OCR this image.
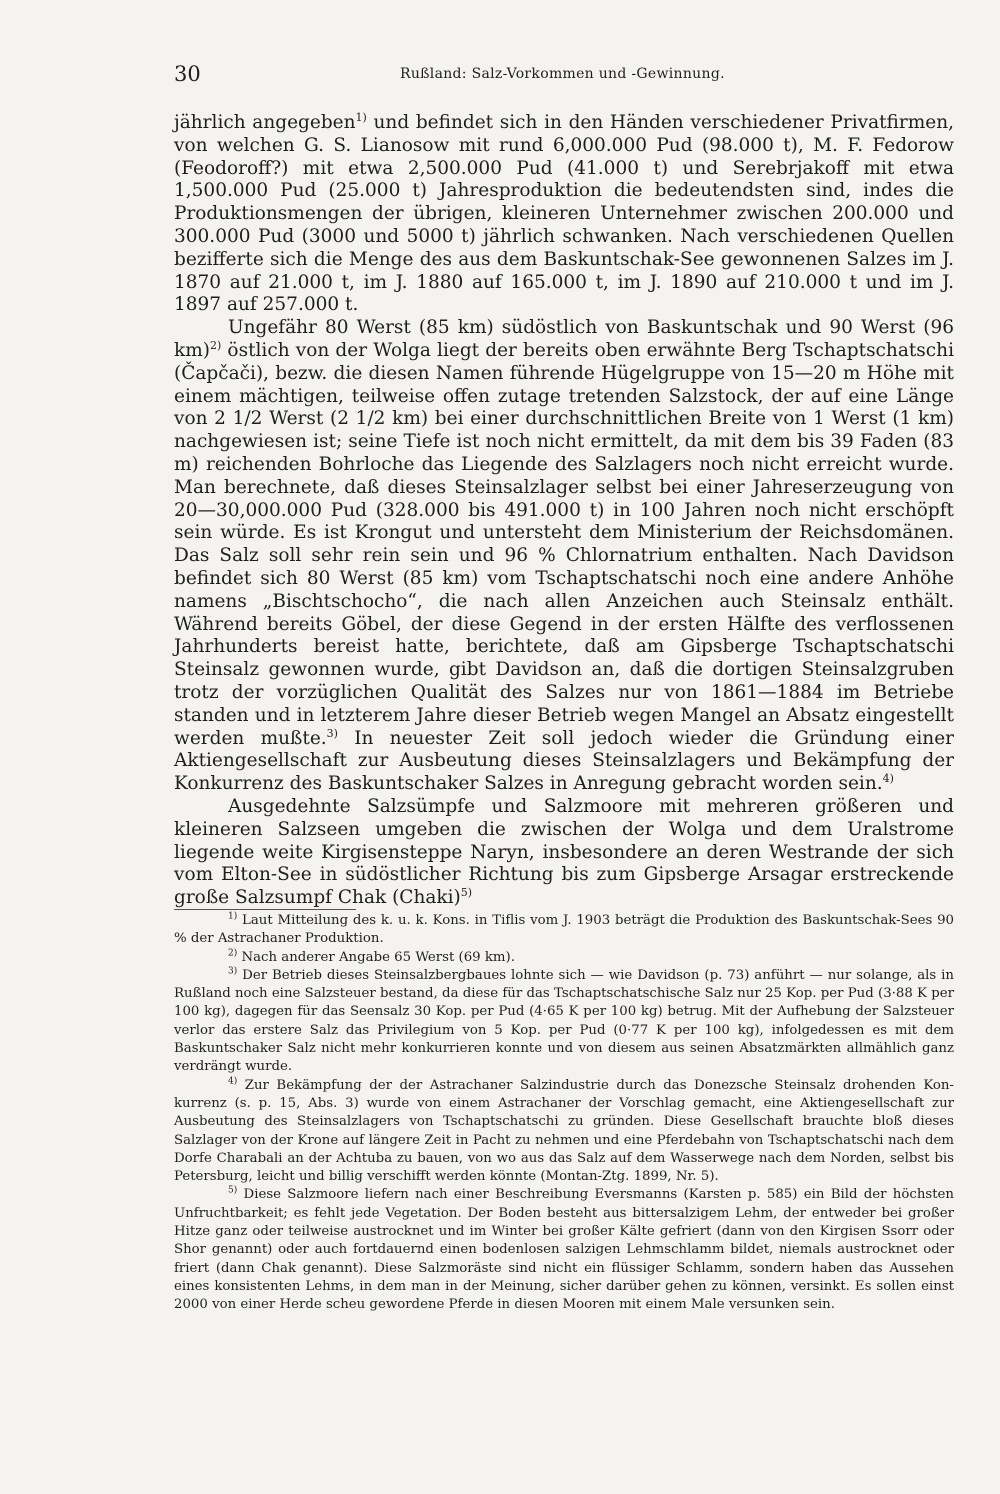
30	Rußland: Salz-Vorkommen und -Gewinnung.

jährlich angegeben$^{1)}$ und befindet sich in den Händen verschiedener Privatfirmen, von welchen G. S. Lianosow mit rund 6,000.000 Pud (98.000 t), M. F. Fedorow (Feodoroff?) mit etwa 2,500.000 Pud (41.000 t) und Serebrjakoff mit etwa 1,500.000 Pud (25.000 t) Jahresproduktion die bedeutendsten sind, indes die Produktionsmengen der übrigen, kleineren Unternehmer zwischen 200.000 und 300.000 Pud (3000 und 5000 t) jährlich schwanken. Nach verschiedenen Quellen bezifferte sich die Menge des aus dem Baskuntschak-See gewonnenen Salzes im J. 1870 auf 21.000 t, im J. 1880 auf 165.000 t, im J. 1890 auf 210.000 t und im J. 1897 auf 257.000 t.

Ungefähr 80 Werst (85 km) südöstlich von Baskuntschak und 90 Werst (96 km)$^{2)}$ östlich von der Wolga liegt der bereits oben erwähnte Berg Tschaptschatschi (Čapčači), bezw. die diesen Namen führende Hügelgruppe von 15—20 m Höhe mit einem mächtigen, teilweise offen zutage tretenden Salzstock, der auf eine Länge von 2 1/2 Werst (2 1/2 km) bei einer durchschnittlichen Breite von 1 Werst (1 km) nachgewiesen ist; seine Tiefe ist noch nicht ermittelt, da mit dem bis 39 Faden (83 m) reichenden Bohrloche das Liegende des Salzlagers noch nicht erreicht wurde. Man berechnete, daß dieses Steinsalzlager selbst bei einer Jahreserzeugung von 20—30,000.000 Pud (328.000 bis 491.000 t) in 100 Jahren noch nicht erschöpft sein würde. Es ist Krongut und untersteht dem Ministerium der Reichsdomänen. Das Salz soll sehr rein sein und 96 % Chlornatrium enthalten. Nach Davidson befindet sich 80 Werst (85 km) vom Tschaptschatschi noch eine andere Anhöhe namens „Bischtschocho“, die nach allen Anzeichen auch Steinsalz enthält. Während bereits Göbel, der diese Gegend in der ersten Hälfte des verflossenen Jahrhunderts bereist hatte, berichtete, daß am Gipsberge Tschaptschatschi Steinsalz gewonnen wurde, gibt Davidson an, daß die dortigen Steinsalzgruben trotz der vorzüglichen Qualität des Salzes nur von 1861—1884 im Betriebe standen und in letzterem Jahre dieser Betrieb wegen Mangel an Absatz eingestellt werden mußte.$^{3)}$ In neuester Zeit soll jedoch wieder die Gründung einer Aktiengesellschaft zur Ausbeutung dieses Steinsalzlagers und Bekämpfung der Konkurrenz des Baskuntschaker Salzes in Anregung gebracht worden sein.$^{4)}$

Ausgedehnte Salzsümpfe und Salzmoore mit mehreren größeren und kleineren Salzseen umgeben die zwischen der Wolga und dem Uralstrome liegende weite Kirgisensteppe Naryn, insbesondere an deren Westrande der sich vom Elton-See in südöstlicher Richtung bis zum Gipsberge Arsagar erstreckende große Salzsumpf Chak (Chaki)$^{5)}$

$^{1)}$ Laut Mitteilung des k. u. k. Kons. in Tiflis vom J. 1903 beträgt die Produktion des Baskuntschak-Sees 90 % der Astrachaner Produktion.

$^{2)}$ Nach anderer Angabe 65 Werst (69 km).

$^{3)}$ Der Betrieb dieses Steinsalzbergbaues lohnte sich — wie Davidson (p. 73) anführt — nur solange, als in Rußland noch eine Salzsteuer bestand, da diese für das Tschaptschatschische Salz nur 25 Kop. per Pud (3·88 K per 100 kg), dagegen für das Seensalz 30 Kop. per Pud (4·65 K per 100 kg) betrug. Mit der Aufhebung der Salzsteuer verlor das erstere Salz das Privilegium von 5 Kop. per Pud (0·77 K per 100 kg), infolgedessen es mit dem Baskuntschaker Salz nicht mehr konkurrieren konnte und von diesem aus seinen Absatzmärkten allmählich ganz verdrängt wurde.

$^{4)}$ Zur Bekämpfung der der Astrachaner Salzindustrie durch das Donezsche Steinsalz drohenden Konkurrenz (s. p. 15, Abs. 3) wurde von einem Astrachaner der Vorschlag gemacht, eine Aktiengesellschaft zur Ausbeutung des Steinsalzlagers von Tschaptschatschi zu gründen. Diese Gesellschaft brauchte bloß dieses Salzlager von der Krone auf längere Zeit in Pacht zu nehmen und eine Pferdebahn von Tschaptschatschi nach dem Dorfe Charabali an der Achtuba zu bauen, von wo aus das Salz auf dem Wasserwege nach dem Norden, selbst bis Petersburg, leicht und billig verschifft werden könnte (Montan-Ztg. 1899, Nr. 5).

$^{5)}$ Diese Salzmoore liefern nach einer Beschreibung Eversmanns (Karsten p. 585) ein Bild der höchsten Unfruchtbarkeit; es fehlt jede Vegetation. Der Boden besteht aus bittersalzigem Lehm, der entweder bei großer Hitze ganz oder teilweise austrocknet und im Winter bei großer Kälte gefriert (dann von den Kirgisen Ssorr oder Shor genannt) oder auch fortdauernd einen bodenlosen salzigen Lehmschlamm bildet, niemals austrocknet oder friert (dann Chak genannt). Diese Salzmoräste sind nicht ein flüssiger Schlamm, sondern haben das Aussehen eines konsistenten Lehms, in dem man in der Meinung, sicher darüber gehen zu können, versinkt. Es sollen einst 2000 von einer Herde scheu gewordene Pferde in diesen Mooren mit einem Male versunken sein.
